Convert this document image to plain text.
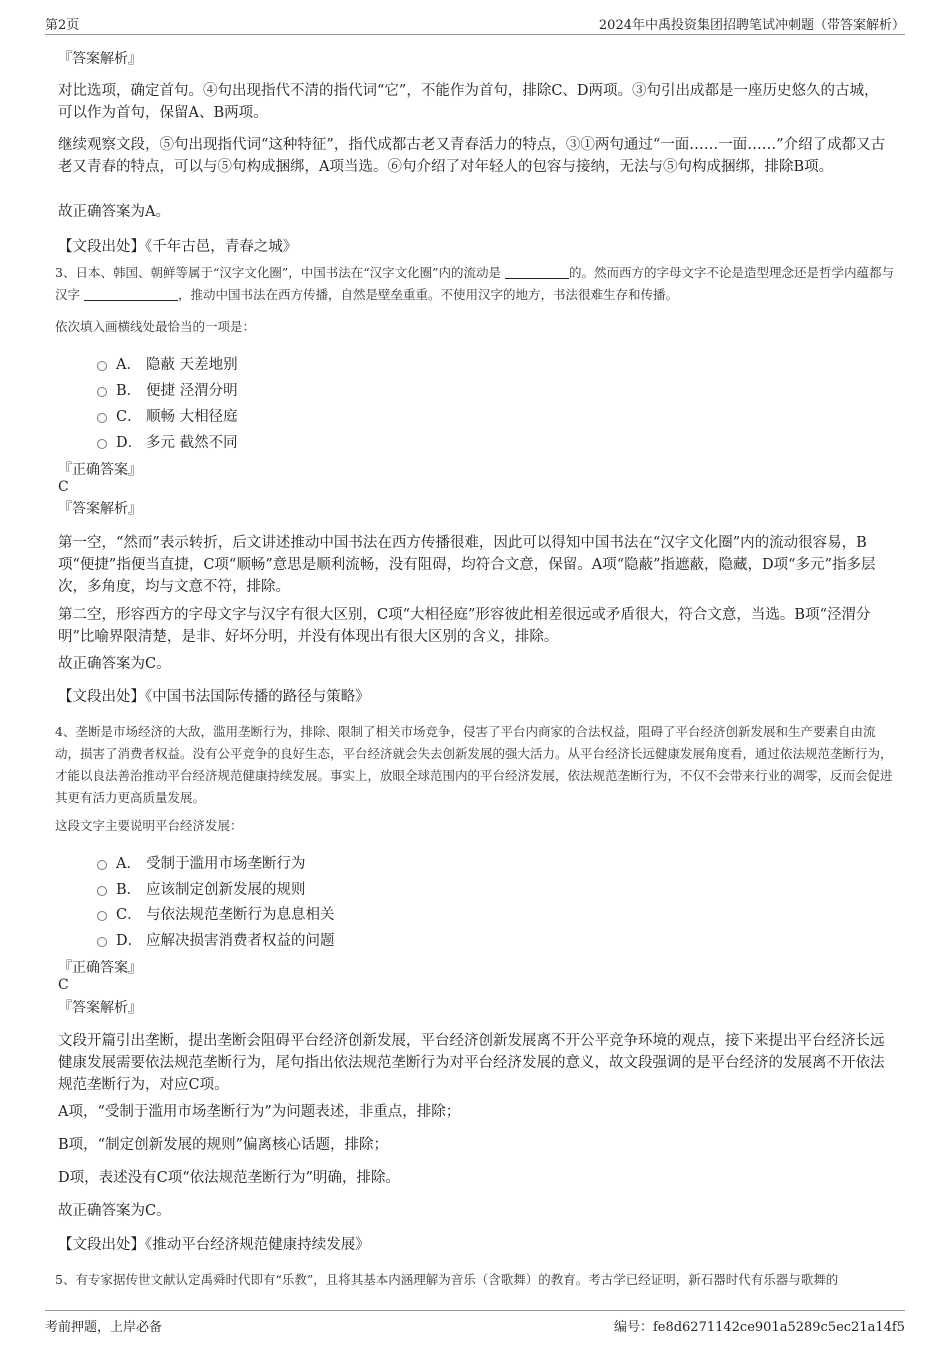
第2页	2024年中禹投资集团招聘笔试冲刺题（带答案解析）
『答案解析』

对比选项，确定首句。④句出现指代不清的指代词“它”，不能作为首句，排除C、D两项。③句引出成都是一座历史悠久的古城，可以作为首句，保留A、B两项。

继续观察文段，⑤句出现指代词“这种特征”，指代成都古老又青春活力的特点，③①两句通过“一面……一面……”介绍了成都又古老又青春的特点，可以与⑤句构成捆绑，A项当选。⑥句介绍了对年轻人的包容与接纳，无法与⑤句构成捆绑，排除B项。

故正确答案为A。

【文段出处】《千年古邑，青春之城》

3、日本、韩国、朝鲜等属于“汉字文化圈”，中国书法在“汉字文化圈”内的流动是	的。然而西方的字母文字不论是造型理念还是哲学内蕴都与汉字	，推动中国书法在西方传播，自然是壁垒重重。不使用汉字的地方，书法很难生存和传播。

依次填入画横线处最恰当的一项是：

A． 隐蔽 天差地别
B． 便捷 泾渭分明
C． 顺畅 大相径庭
D． 多元 截然不同
『正确答案』
C
『答案解析』

第一空，“然而”表示转折，后文讲述推动中国书法在西方传播很难，因此可以得知中国书法在“汉字文化圈”内的流动很容易，B项“便捷”指便当直捷，C项“顺畅”意思是顺利流畅，没有阻碍，均符合文意，保留。A项“隐蔽”指遮蔽，隐藏，D项“多元”指多层次，多角度，均与文意不符，排除。

第二空，形容西方的字母文字与汉字有很大区别，C项“大相径庭”形容彼此相差很远或矛盾很大，符合文意，当选。B项“泾渭分明”比喻界限清楚，是非、好坏分明，并没有体现出有很大区别的含义，排除。

故正确答案为C。

【文段出处】《中国书法国际传播的路径与策略》

4、垄断是市场经济的大敌，滥用垄断行为，排除、限制了相关市场竞争，侵害了平台内商家的合法权益，阻碍了平台经济创新发展和生产要素自由流动，损害了消费者权益。没有公平竞争的良好生态，平台经济就会失去创新发展的强大活力。从平台经济长远健康发展角度看，通过依法规范垄断行为，才能以良法善治推动平台经济规范健康持续发展。事实上，放眼全球范围内的平台经济发展，依法规范垄断行为，不仅不会带来行业的凋零，反而会促进其更有活力更高质量发展。

这段文字主要说明平台经济发展：

A． 受制于滥用市场垄断行为
B． 应该制定创新发展的规则
C． 与依法规范垄断行为息息相关
D． 应解决损害消费者权益的问题
『正确答案』
C
『答案解析』

文段开篇引出垄断，提出垄断会阻碍平台经济创新发展，平台经济创新发展离不开公平竞争环境的观点，接下来提出平台经济长远健康发展需要依法规范垄断行为，尾句指出依法规范垄断行为对平台经济发展的意义，故文段强调的是平台经济的发展离不开依法规范垄断行为，对应C项。

A项，“受制于滥用市场垄断行为”为问题表述，非重点，排除；

B项，“制定创新发展的规则”偏离核心话题，排除；

D项，表述没有C项“依法规范垄断行为”明确，排除。

故正确答案为C。

【文段出处】《推动平台经济规范健康持续发展》

5、有专家据传世文献认定禹舜时代即有“乐教”，且将其基本内涵理解为音乐（含歌舞）的教育。考古学已经证明，新石器时代有乐器与歌舞的

考前押题，上岸必备	编号：fe8d6271142ce901a5289c5ec21a14f5
